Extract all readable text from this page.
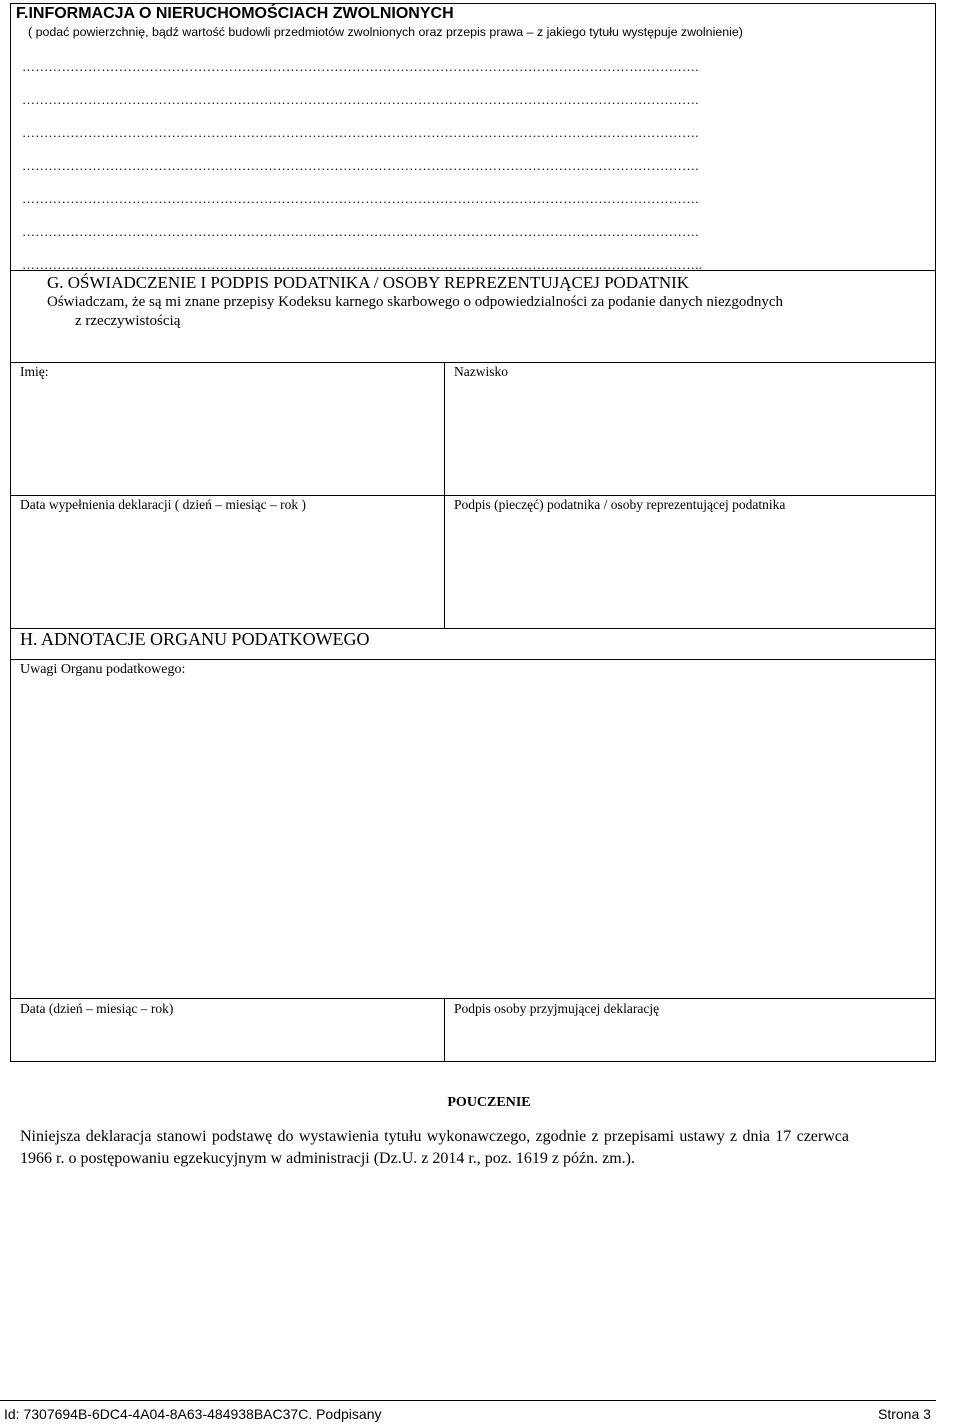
F.INFORMACJA O NIERUCHOMOŚCIACH ZWOLNIONYCH
( podać powierzchnię, bądź wartość budowli przedmiotów zwolnionych oraz przepis prawa – z jakiego tytułu występuje zwolnienie)
……………………………………………………………………………………………………………………………………….
……………………………………………………………………………………………………………………………………….
……………………………………………………………………………………………………………………………………….
……………………………………………………………………………………………………………………………………….
……………………………………………………………………………………………………………………………………….
……………………………………………………………………………………………………………………………………….
………………………………………………………………………………………………………………………………………..
G. OŚWIADCZENIE I PODPIS PODATNIKA / OSOBY REPREZENTUJĄCEJ PODATNIK
Oświadczam, że są mi znane przepisy Kodeksu karnego skarbowego o odpowiedzialności za podanie danych niezgodnych
z rzeczywistością
Imię:	Nazwisko
Data wypełnienia deklaracji ( dzień – miesiąc – rok )	Podpis (pieczęć) podatnika / osoby reprezentującej podatnika
H. ADNOTACJE ORGANU PODATKOWEGO
Uwagi Organu podatkowego:
Data (dzień – miesiąc – rok)	Podpis osoby przyjmującej deklarację
POUCZENIE
Niniejsza deklaracja stanowi podstawę do wystawienia tytułu wykonawczego, zgodnie z przepisami ustawy z dnia 17 czerwca
1966 r. o postępowaniu egzekucyjnym w administracji (Dz.U. z 2014 r., poz. 1619 z późn. zm.).
Id: 7307694B-6DC4-4A04-8A63-484938BAC37C. Podpisany	Strona 3
